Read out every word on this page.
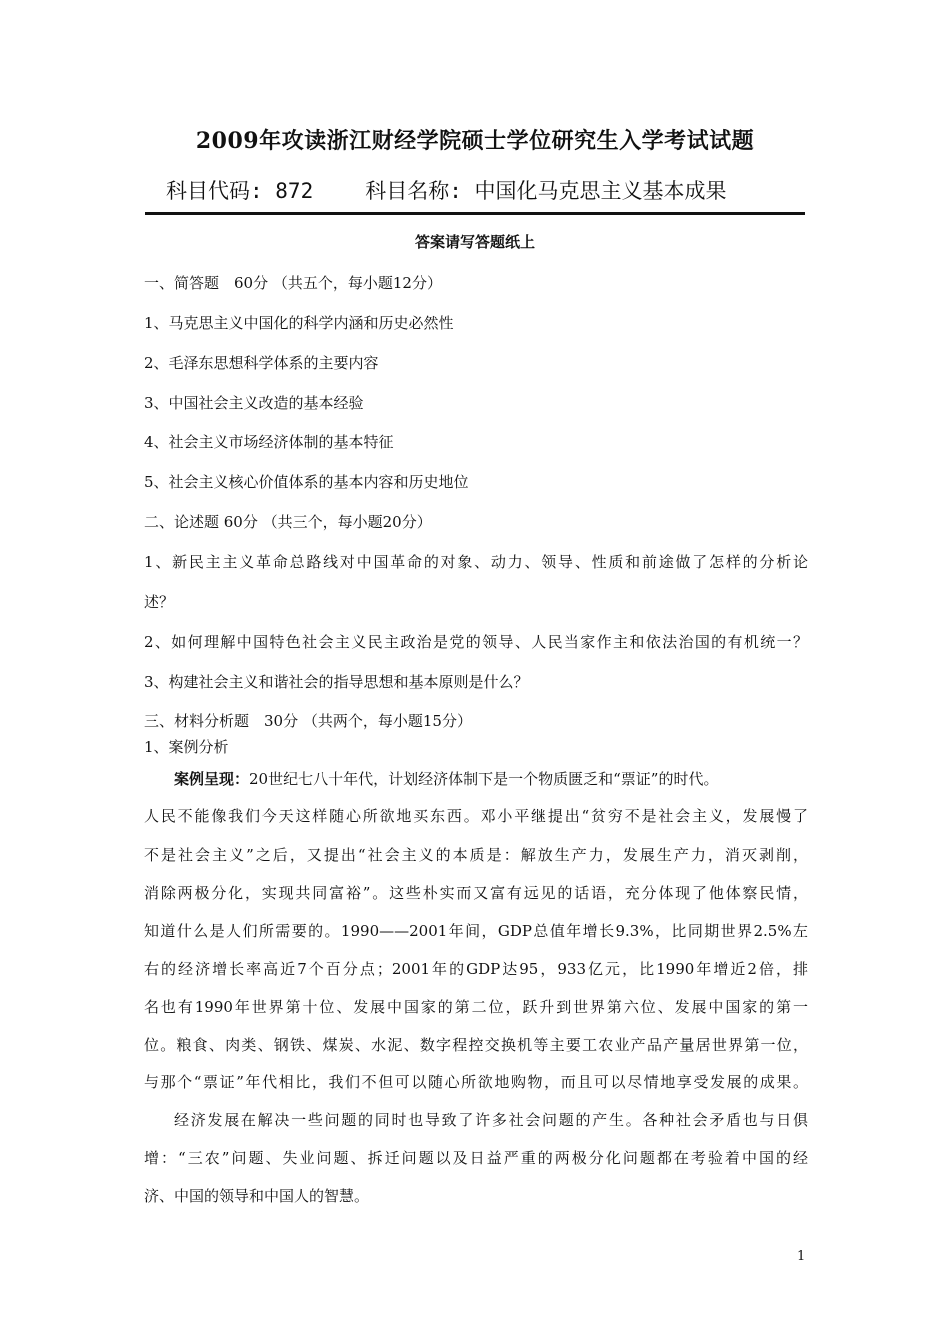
2009年攻读浙江财经学院硕士学位研究生入学考试试题
科目代码: 872 科目名称: 中国化马克思主义基本成果
答案请写答题纸上
一、简答题　60分 （共五个，每小题12分）
1、马克思主义中国化的科学内涵和历史必然性
2、毛泽东思想科学体系的主要内容
3、中国社会主义改造的基本经验
4、社会主义市场经济体制的基本特征
5、社会主义核心价值体系的基本内容和历史地位
二、论述题 60分 （共三个，每小题20分）
1、新民主主义革命总路线对中国革命的对象、动力、领导、性质和前途做了怎样的分析论
述？
2、如何理解中国特色社会主义民主政治是党的领导、人民当家作主和依法治国的有机统一？
3、构建社会主义和谐社会的指导思想和基本原则是什么？
三、材料分析题　30分 （共两个，每小题15分）
1、案例分析
案例呈现：20世纪七八十年代，计划经济体制下是一个物质匮乏和“票证”的时代。
人民不能像我们今天这样随心所欲地买东西。邓小平继提出“贫穷不是社会主义，发展慢了
不是社会主义”之后，又提出“社会主义的本质是：解放生产力，发展生产力，消灭剥削，
消除两极分化，实现共同富裕”。这些朴实而又富有远见的话语，充分体现了他体察民情，
知道什么是人们所需要的。1990——2001年间，GDP总值年增长9.3%，比同期世界2.5%左
右的经济增长率高近7个百分点；2001年的GDP达95，933亿元，比1990年增近2倍，排
名也有1990年世界第十位、发展中国家的第二位，跃升到世界第六位、发展中国家的第一
位。粮食、肉类、钢铁、煤炭、水泥、数字程控交换机等主要工农业产品产量居世界第一位，
与那个“票证”年代相比，我们不但可以随心所欲地购物，而且可以尽情地享受发展的成果。
经济发展在解决一些问题的同时也导致了许多社会问题的产生。各种社会矛盾也与日俱
增：“三农”问题、失业问题、拆迁问题以及日益严重的两极分化问题都在考验着中国的经
济、中国的领导和中国人的智慧。
1
